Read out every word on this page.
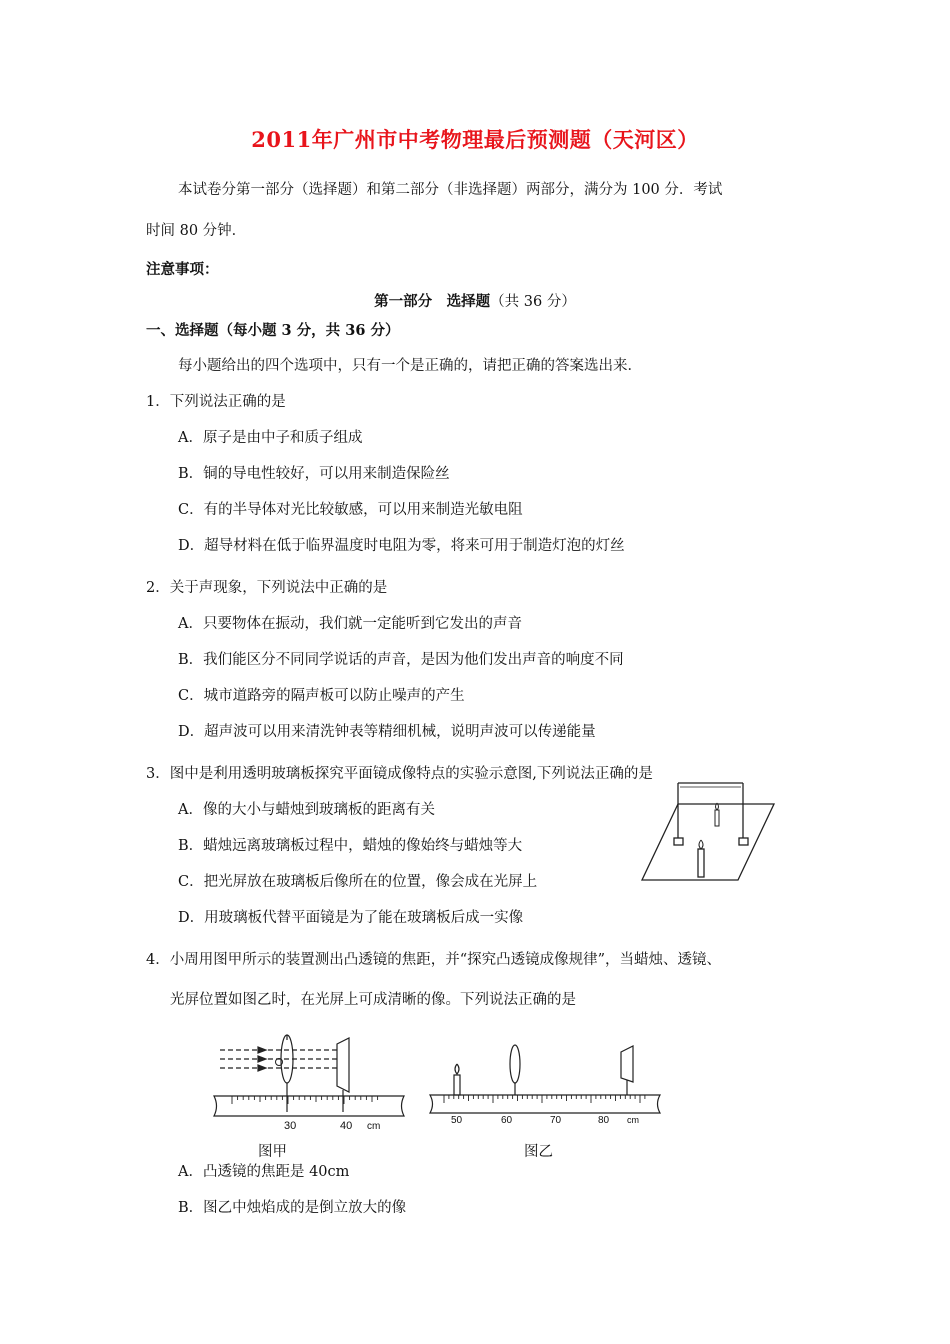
2011年广州市中考物理最后预测题（天河区）
本试卷分第一部分（选择题）和第二部分（非选择题）两部分，满分为 100 分．考试
时间 80 分钟．
注意事项：
第一部分　选择题（共 36 分）
一、选择题（每小题 3 分，共 36 分）
每小题给出的四个选项中，只有一个是正确的，请把正确的答案选出来．
1．下列说法正确的是
A．原子是由中子和质子组成
B．铜的导电性较好，可以用来制造保险丝
C．有的半导体对光比较敏感，可以用来制造光敏电阻
D．超导材料在低于临界温度时电阻为零，将来可用于制造灯泡的灯丝
2．关于声现象，下列说法中正确的是
A．只要物体在振动，我们就一定能听到它发出的声音
B．我们能区分不同同学说话的声音，是因为他们发出声音的响度不同
C．城市道路旁的隔声板可以防止噪声的产生
D．超声波可以用来清洗钟表等精细机械，说明声波可以传递能量
3．图中是利用透明玻璃板探究平面镜成像特点的实验示意图,下列说法正确的是
A．像的大小与蜡烛到玻璃板的距离有关
B．蜡烛远离玻璃板过程中，蜡烛的像始终与蜡烛等大
C．把光屏放在玻璃板后像所在的位置，像会成在光屏上
D．用玻璃板代替平面镜是为了能在玻璃板后成一实像
4．小周用图甲所示的装置测出凸透镜的焦距，并“探究凸透镜成像规律”，当蜡烛、透镜、
光屏位置如图乙时，在光屏上可成清晰的像。下列说法正确的是
30	40 cm
图甲
50	60	70	80 cm
图乙
A．凸透镜的焦距是 40cm
B．图乙中烛焰成的是倒立放大的像
